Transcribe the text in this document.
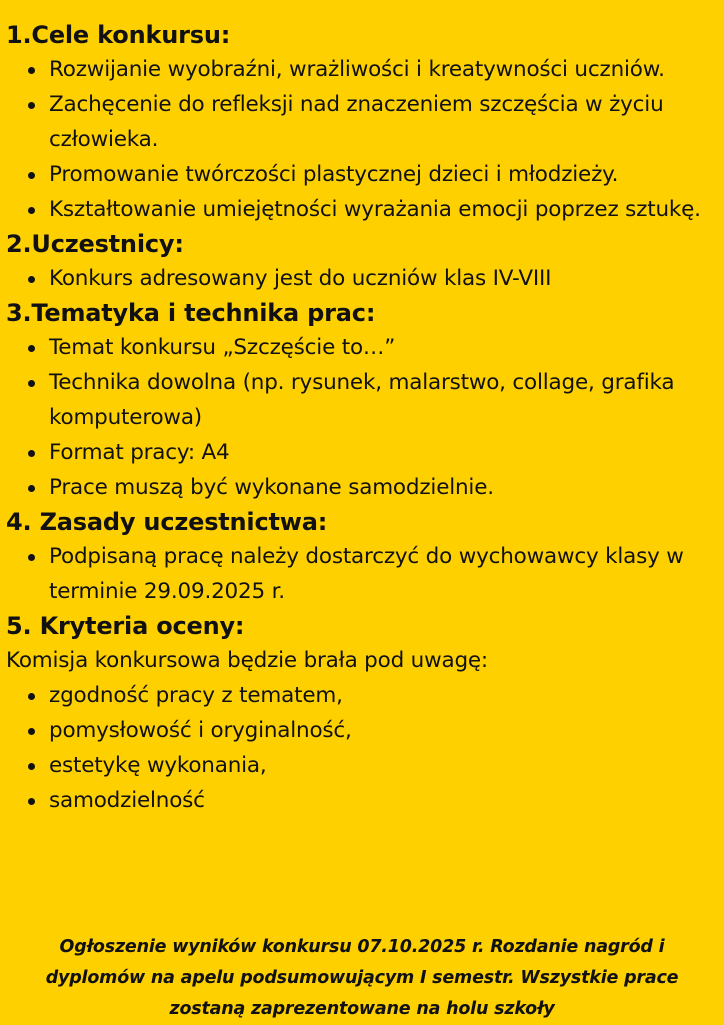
1.Cele konkursu:
Rozwijanie wyobraźni, wrażliwości i kreatywności uczniów.
Zachęcenie do refleksji nad znaczeniem szczęścia w życiu człowieka.
Promowanie twórczości plastycznej dzieci i młodzieży.
Kształtowanie umiejętności wyrażania emocji poprzez sztukę.
2.Uczestnicy:
Konkurs adresowany jest do uczniów klas IV-VIII
3.Tematyka i technika prac:
Temat konkursu „Szczęście to…”
Technika dowolna (np. rysunek, malarstwo, collage, grafika komputerowa)
Format pracy: A4
Prace muszą być wykonane samodzielnie.
4. Zasady uczestnictwa:
Podpisaną pracę należy dostarczyć do wychowawcy klasy w terminie 29.09.2025 r.
5. Kryteria oceny:

Komisja konkursowa będzie brała pod uwagę:

zgodność pracy z tematem,
pomysłowość i oryginalność,
estetykę wykonania,
samodzielność

Ogłoszenie wyników konkursu 07.10.2025 r. Rozdanie nagród i dyplomów na apelu podsumowującym I semestr. Wszystkie prace zostaną zaprezentowane na holu szkoły
